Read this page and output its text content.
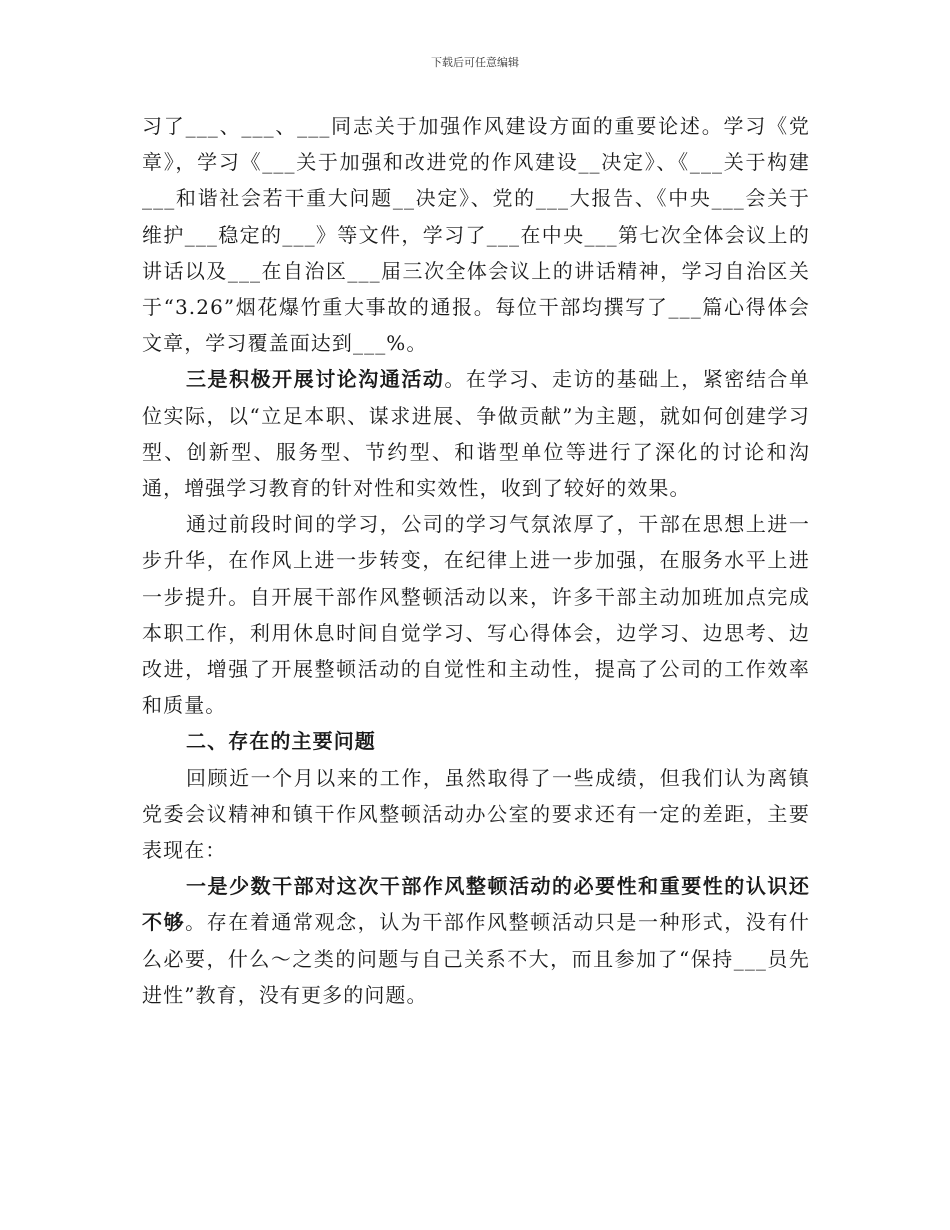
下载后可任意编辑

习了___、___、___同志关于加强作风建设方面的重要论述。学习《党章》，学习《___关于加强和改进党的作风建设__决定》、《___关于构建___和谐社会若干重大问题__决定》、党的___大报告、《中央___会关于维护___稳定的___》等文件，学习了___在中央___第七次全体会议上的讲话以及___在自治区___届三次全体会议上的讲话精神，学习自治区关于“3.26”烟花爆竹重大事故的通报。每位干部均撰写了___篇心得体会文章，学习覆盖面达到___%。

三是积极开展讨论沟通活动。在学习、走访的基础上，紧密结合单位实际，以“立足本职、谋求进展、争做贡献”为主题，就如何创建学习型、创新型、服务型、节约型、和谐型单位等进行了深化的讨论和沟通，增强学习教育的针对性和实效性，收到了较好的效果。

通过前段时间的学习，公司的学习气氛浓厚了，干部在思想上进一步升华，在作风上进一步转变，在纪律上进一步加强，在服务水平上进一步提升。自开展干部作风整顿活动以来，许多干部主动加班加点完成本职工作，利用休息时间自觉学习、写心得体会，边学习、边思考、边改进，增强了开展整顿活动的自觉性和主动性，提高了公司的工作效率和质量。

二、存在的主要问题

回顾近一个月以来的工作，虽然取得了一些成绩，但我们认为离镇党委会议精神和镇干作风整顿活动办公室的要求还有一定的差距，主要表现在：

一是少数干部对这次干部作风整顿活动的必要性和重要性的认识还不够。存在着通常观念，认为干部作风整顿活动只是一种形式，没有什么必要，什么～之类的问题与自己关系不大，而且参加了“保持___员先进性”教育，没有更多的问题。
